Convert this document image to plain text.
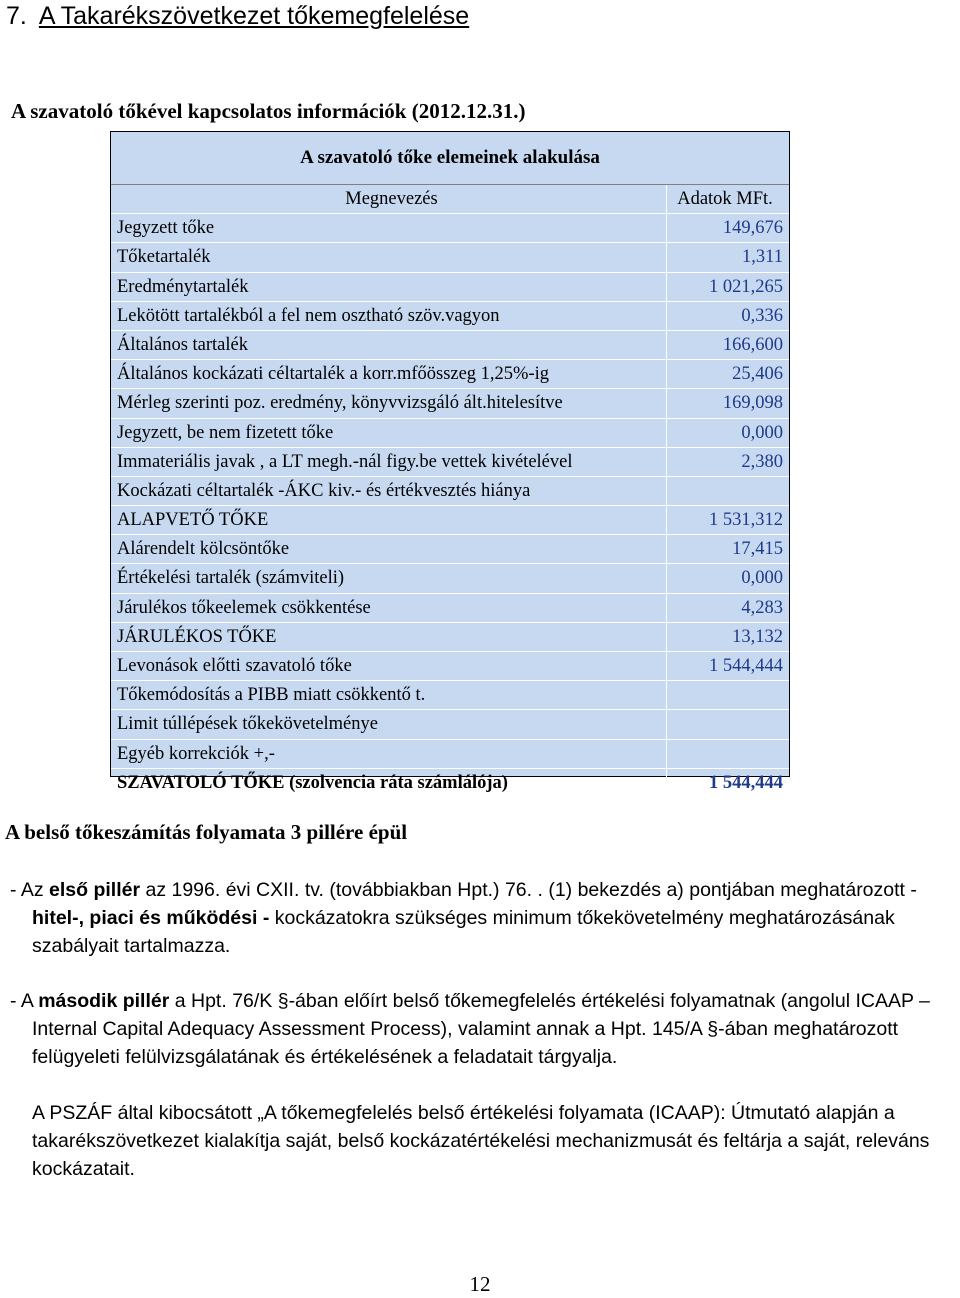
7. A Takarékszövetkezet tőkemegfelelése
A szavatoló tőkével kapcsolatos információk (2012.12.31.)
A szavatoló tőke elemeinek alakulása
Megnevezés	Adatok MFt.
Jegyzett tőke	149,676
Tőketartalék	1,311
Eredménytartalék	1 021,265
Lekötött tartalékból a fel nem osztható szöv.vagyon	0,336
Általános tartalék	166,600
Általános kockázati céltartalék a korr.mfőösszeg 1,25%-ig	25,406
Mérleg szerinti poz. eredmény, könyvvizsgáló ált.hitelesítve	169,098
Jegyzett, be nem fizetett tőke	0,000
Immateriális javak , a LT megh.-nál figy.be vettek kivételével	2,380
Kockázati céltartalék -ÁKC kiv.- és értékvesztés hiánya
ALAPVETŐ TŐKE	1 531,312
Alárendelt kölcsöntőke	17,415
Értékelési tartalék (számviteli)	0,000
Járulékos tőkeelemek csökkentése	4,283
JÁRULÉKOS TŐKE	13,132
Levonások előtti szavatoló tőke	1 544,444
Tőkemódosítás a PIBB miatt csökkentő t.
Limit túllépések tőkekövetelménye
Egyéb korrekciók +,-
SZAVATOLÓ TŐKE (szolvencia ráta számlálója)	1 544,444
A belső tőkeszámítás folyamata 3 pillére épül
- Az első pillér az 1996. évi CXII. tv. (továbbiakban Hpt.) 76. . (1) bekezdés a) pontjában meghatározott -
hitel-, piaci és működési - kockázatokra szükséges minimum tőkekövetelmény meghatározásának
szabályait tartalmazza.
- A második pillér a Hpt. 76/K §-ában előírt belső tőkemegfelelés értékelési folyamatnak (angolul ICAAP –
Internal Capital Adequacy Assessment Process), valamint annak a Hpt. 145/A §-ában meghatározott
felügyeleti felülvizsgálatának és értékelésének a feladatait tárgyalja.
A PSZÁF által kibocsátott „A tőkemegfelelés belső értékelési folyamata (ICAAP): Útmutató alapján a
takarékszövetkezet kialakítja saját, belső kockázatértékelési mechanizmusát és feltárja a saját, releváns
kockázatait.
12
